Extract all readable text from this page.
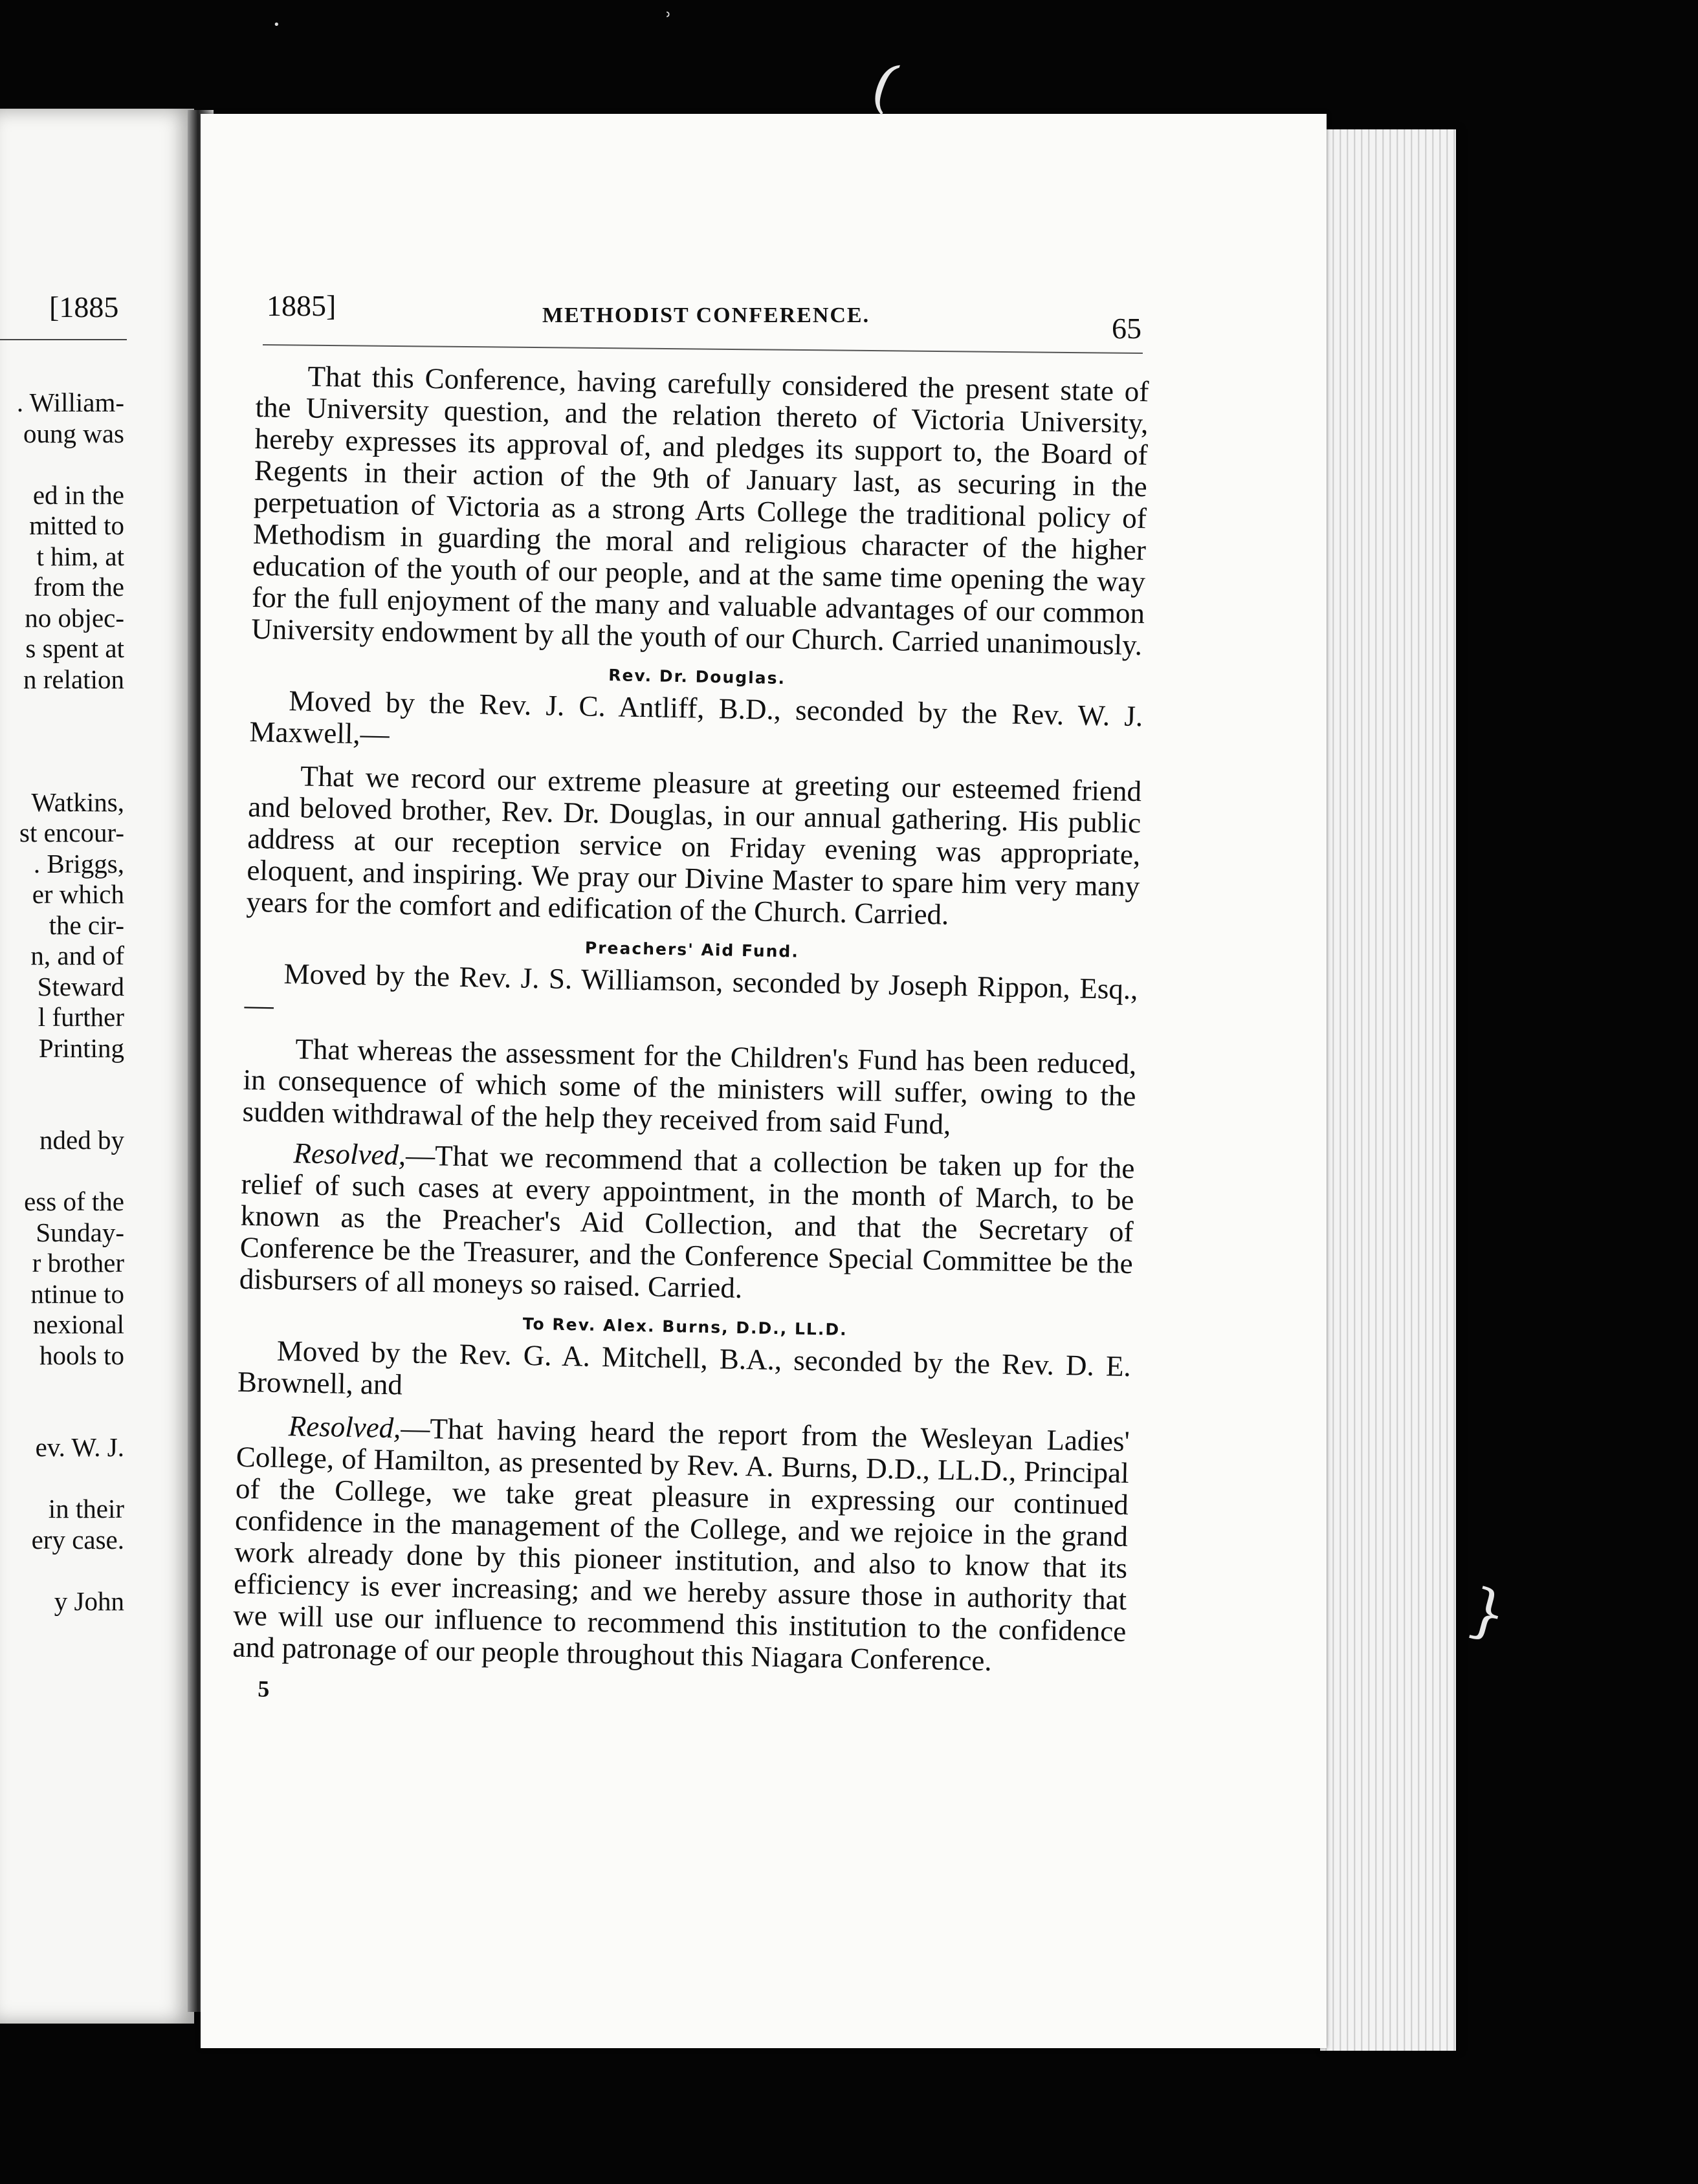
[1885
. William-
oung was
ed in the
mitted to
t him, at
from the
no objec-
s spent at
n relation
Watkins,
st encour-
. Briggs,
er which
the cir-
n, and of
Steward
l further
Printing
nded by
ess of the
Sunday-
r brother
ntinue to
nexional
hools to
ev. W. J.
in their
ery case.
y John
1885]	METHODIST CONFERENCE.	65

That this Conference, having carefully considered the present state of the University question, and the relation thereto of Victoria University, hereby expresses its approval of, and pledges its support to, the Board of Regents in their action of the 9th of January last, as securing in the perpetuation of Victoria as a strong Arts College the traditional policy of Methodism in guarding the moral and religious character of the higher education of the youth of our people, and at the same time opening the way for the full enjoyment of the many and valuable advantages of our common University endowment by all the youth of our Church. Carried unanimously.

Rev. Dr. Douglas.

Moved by the Rev. J. C. Antliff, B.D., seconded by the Rev. W. J. Maxwell,—

That we record our extreme pleasure at greeting our esteemed friend and beloved brother, Rev. Dr. Douglas, in our annual gathering. His public address at our reception service on Friday evening was appropriate, eloquent, and inspiring. We pray our Divine Master to spare him very many years for the comfort and edification of the Church. Carried.

Preachers' Aid Fund.

Moved by the Rev. J. S. Williamson, seconded by Joseph Rippon, Esq.,—

That whereas the assessment for the Children's Fund has been reduced, in consequence of which some of the ministers will suffer, owing to the sudden withdrawal of the help they received from said Fund,

Resolved,—That we recommend that a collection be taken up for the relief of such cases at every appointment, in the month of March, to be known as the Preacher's Aid Collection, and that the Secretary of Conference be the Treasurer, and the Conference Special Committee be the disbursers of all moneys so raised. Carried.

To Rev. Alex. Burns, D.D., LL.D.

Moved by the Rev. G. A. Mitchell, B.A., seconded by the Rev. D. E. Brownell, and

Resolved,—That having heard the report from the Wesleyan Ladies' College, of Hamilton, as presented by Rev. A. Burns, D.D., LL.D., Principal of the College, we take great pleasure in expressing our continued confidence in the management of the College, and we rejoice in the grand work already done by this pioneer institution, and also to know that its efficiency is ever increasing; and we hereby assure those in authority that we will use our influence to recommend this institution to the confidence and patronage of our people throughout this Niagara Conference.

5
(
ʾ
·
}
